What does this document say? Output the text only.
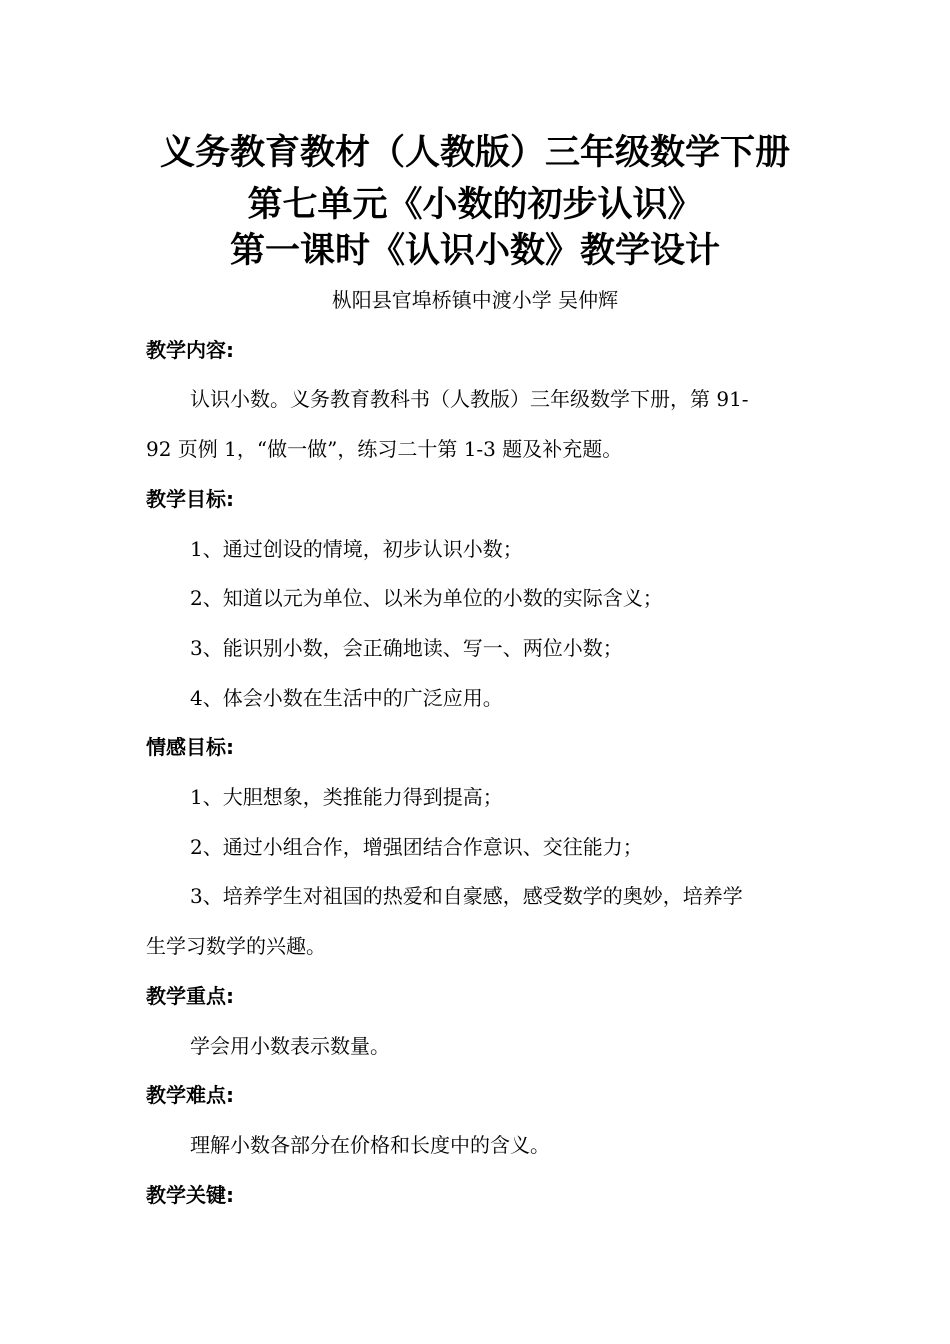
义务教育教材（人教版）三年级数学下册
第七单元《小数的初步认识》
第一课时《认识小数》教学设计
枞阳县官埠桥镇中渡小学 吴仲辉
教学内容:
认识小数。义务教育教科书（人教版）三年级数学下册，第 91-
92 页例 1，“做一做”，练习二十第 1-3 题及补充题。
教学目标:
1、通过创设的情境，初步认识小数；
2、知道以元为单位、以米为单位的小数的实际含义；
3、能识别小数，会正确地读、写一、两位小数；
4、体会小数在生活中的广泛应用。
情感目标:
1、大胆想象，类推能力得到提高；
2、通过小组合作，增强团结合作意识、交往能力；
3、培养学生对祖国的热爱和自豪感，感受数学的奥妙，培养学
生学习数学的兴趣。
教学重点:
学会用小数表示数量。
教学难点:
理解小数各部分在价格和长度中的含义。
教学关键:
